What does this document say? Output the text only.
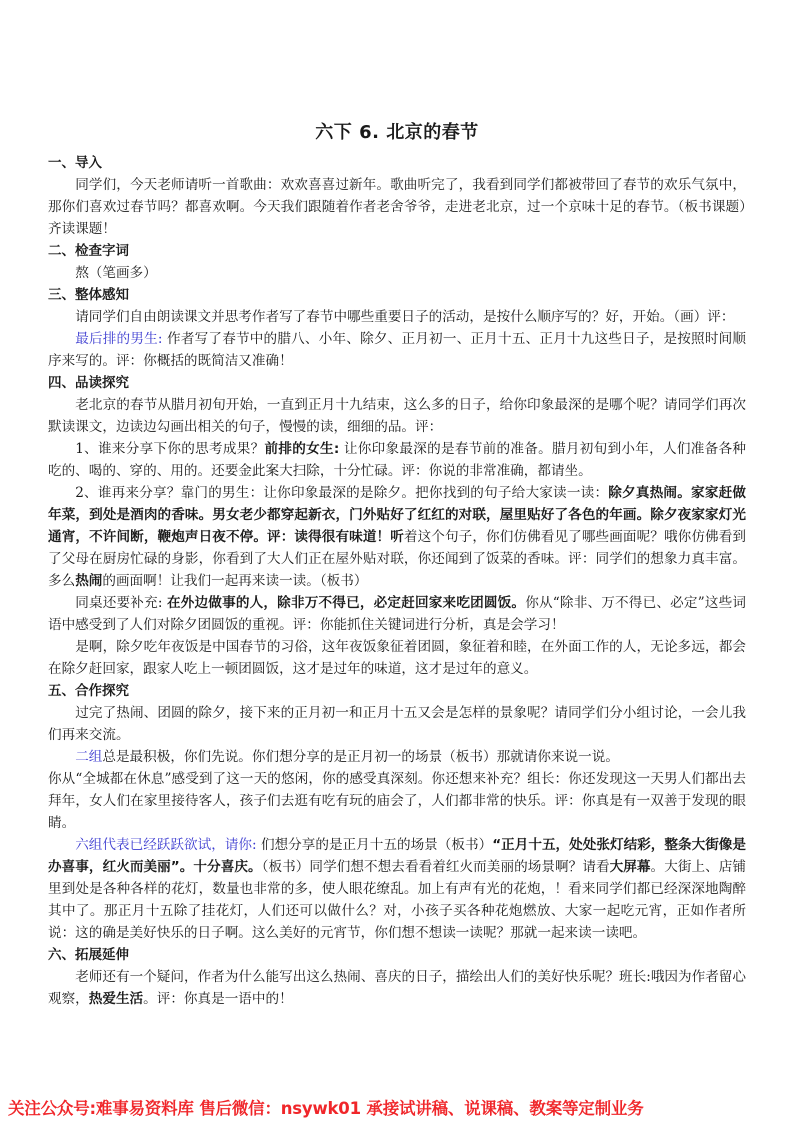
六下 6. 北京的春节
一、导入

同学们，今天老师请听一首歌曲：欢欢喜喜过新年。歌曲听完了，我看到同学们都被带回了春节的欢乐气氛中，那你们喜欢过春节吗？都喜欢啊。今天我们跟随着作者老舍爷爷，走进老北京，过一个京味十足的春节。（板书课题）齐读课题！

二、检查字词

熬（笔画多）

三、整体感知

请同学们自由朗读课文并思考作者写了春节中哪些重要日子的活动，是按什么顺序写的？好，开始。（画）评：

最后排的男生: 作者写了春节中的腊八、小年、除夕、正月初一、正月十五、正月十九这些日子，是按照时间顺序来写的。评：你概括的既简洁又准确！

四、品读探究

老北京的春节从腊月初旬开始，一直到正月十九结束，这么多的日子，给你印象最深的是哪个呢？请同学们再次默读课文，边读边勾画出相关的句子，慢慢的读，细细的品。评：

1、谁来分享下你的思考成果？前排的女生: 让你印象最深的是春节前的准备。腊月初旬到小年，人们准备各种吃的、喝的、穿的、用的。还要金此案大扫除，十分忙碌。评：你说的非常准确，都请坐。

2、谁再来分享？靠门的男生：让你印象最深的是除夕。把你找到的句子给大家读一读：除夕真热闹。家家赶做年菜，到处是酒肉的香味。男女老少都穿起新衣，门外贴好了红红的对联，屋里贴好了各色的年画。除夕夜家家灯光通宵，不许间断，鞭炮声日夜不停。评：读得很有味道！听着这个句子，你们仿佛看见了哪些画面呢？哦你仿佛看到了父母在厨房忙碌的身影，你看到了大人们正在屋外贴对联，你还闻到了饭菜的香味。评：同学们的想象力真丰富。多么热闹的画面啊！让我们一起再来读一读。（板书）

同桌还要补充: 在外边做事的人，除非万不得已，必定赶回家来吃团圆饭。你从“除非、万不得已、必定”这些词语中感受到了人们对除夕团圆饭的重视。评：你能抓住关键词进行分析，真是会学习！

是啊，除夕吃年夜饭是中国春节的习俗，这年夜饭象征着团圆，象征着和睦，在外面工作的人，无论多远，都会在除夕赶回家，跟家人吃上一顿团圆饭，这才是过年的味道，这才是过年的意义。

五、合作探究

过完了热闹、团圆的除夕，接下来的正月初一和正月十五又会是怎样的景象呢？请同学们分小组讨论，一会儿我们再来交流。

二组总是最积极，你们先说。你们想分享的是正月初一的场景（板书）那就请你来说一说。

你从“全城都在休息”感受到了这一天的悠闲，你的感受真深刻。你还想来补充？组长：你还发现这一天男人们都出去拜年，女人们在家里接待客人，孩子们去逛有吃有玩的庙会了，人们都非常的快乐。评：你真是有一双善于发现的眼睛。

六组代表已经跃跃欲试，请你: 们想分享的是正月十五的场景（板书）“正月十五，处处张灯结彩，整条大街像是办喜事，红火而美丽”。十分喜庆。（板书）同学们想不想去看看着红火而美丽的场景啊？请看大屏幕。大街上、店铺里到处是各种各样的花灯，数量也非常的多，使人眼花缭乱。加上有声有光的花炮，！看来同学们都已经深深地陶醉其中了。那正月十五除了挂花灯，人们还可以做什么？对，小孩子买各种花炮燃放、大家一起吃元宵，正如作者所说：这的确是美好快乐的日子啊。这么美好的元宵节，你们想不想读一读呢？那就一起来读一读吧。

六、拓展延伸

老师还有一个疑问，作者为什么能写出这么热闹、喜庆的日子，描绘出人们的美好快乐呢？班长:哦因为作者留心观察，热爱生活。评：你真是一语中的！

关注公众号:难事易资料库 售后微信：nsywk01 承接试讲稿、说课稿、教案等定制业务
